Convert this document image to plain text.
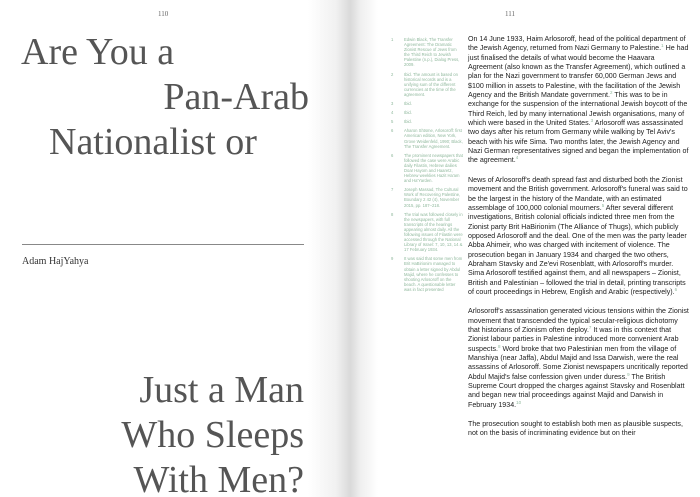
110
Are You a
Pan-Arab
Nationalist or
Adam HajYahya
Just a Man
Who Sleeps
With Men?
111
1	Edwin Black, The Transfer Agreement: The Dramatic Zionist Rescue of Jews from the Third Reich to Jewish Palestine (n.p.), Dialog Press, 2009.
2	Ibid. The amount is based on historical records and is a unifying sum of the different currencies at the time of the agreement.
3	Ibid.
4	Ibid.
5	Ibid.
6	Aharon Shtsme, Arlosoroff: first American edition, New York, Grove Weidenfeld, 1990; Black, The Transfer Agreement.
6	The prominent newspapers that followed the case were Arabic daily Filastin, Hebrew dailies Doar Hayom and Haaretz, Hebrew weeklies Hazit Ha'am and Ha'Yarden.
7	Joseph Massad, The Cultural Work of Recovering Palestine, Boundary 2 42 (4), November 2015, pp. 187–218.
8	The trial was followed closely in the newspapers, with full transcripts of the hearings appearing almost daily. All the following issues of Filastin were accessed through the National Library of Israel: 7, 10, 13, 14 & 17 February 1934.
9	It was said that some men from Brit HaBirionim managed to obtain a letter signed by Abdul Majid, where he confesses to shooting Arlosoroff on the beach. A questionable letter was in fact presented

On 14 June 1933, Haim Arlosoroff, head of the political department of the Jewish Agency, returned from Nazi Germany to Palestine.$^1$ He had just finalised the details of what would become the Haavara Agreement (also known as the Transfer Agreement), which outlined a plan for the Nazi government to transfer 60,000 German Jews and $100 million in assets to Palestine, with the facilitation of the Jewish Agency and the British Mandate government.$^2$ This was to be in exchange for the suspension of the international Jewish boycott of the Third Reich, led by many international Jewish organisations, many of which were based in the United States.$^3$ Arlosoroff was assassinated two days after his return from Germany while walking by Tel Aviv's beach with his wife Sima. Two months later, the Jewish Agency and Nazi German representatives signed and began the implementation of the agreement.$^4$

News of Arlosoroff's death spread fast and disturbed both the Zionist movement and the British government. Arlosoroff's funeral was said to be the largest in the history of the Mandate, with an estimated assemblage of 100,000 colonial mourners.$^5$ After several different investigations, British colonial officials indicted three men from the Zionist party Brit HaBirionim (The Alliance of Thugs), which publicly opposed Arlosoroff and the deal. One of the men was the party leader Abba Ahimeir, who was charged with incitement of violence. The prosecution began in January 1934 and charged the two others, Abraham Stavsky and Ze'evi Rosenblatt, with Arlosoroff's murder. Sima Arlosoroff testified against them, and all newspapers – Zionist, British and Palestinian – followed the trial in detail, printing transcripts of court proceedings in Hebrew, English and Arabic (respectively).$^6$

Arlosoroff's assassination generated vicious tensions within the Zionist movement that transcended the typical secular-religious dichotomy that historians of Zionism often deploy.$^7$ It was in this context that Zionist labour parties in Palestine introduced more convenient Arab suspects.$^8$ Word broke that two Palestinian men from the village of Manshiya (near Jaffa), Abdul Majid and Issa Darwish, were the real assassins of Arlosoroff. Some Zionist newspapers uncritically reported Abdul Majid's false confession given under duress.$^9$ The British Supreme Court dropped the charges against Stavsky and Rosenblatt and began new trial proceedings against Majid and Darwish in February 1934.10

The prosecution sought to establish both men as plausible suspects, not on the basis of incriminating evidence but on their
